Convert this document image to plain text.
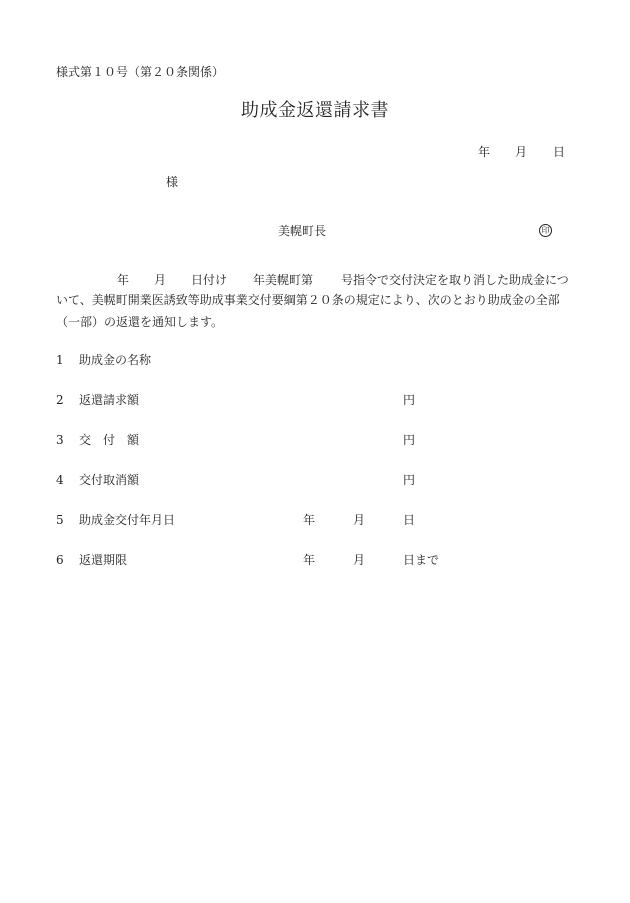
様式第１０号（第２０条関係）
助成金返還請求書
年 月 日
様
美幌町長	印
年 月 日付け 年美幌町第 号指令で交付決定を取り消した助成金につ
いて、美幌町開業医誘致等助成事業交付要綱第２０条の規定により、次のとおり助成金の全部
（一部）の返還を通知します。
1 助成金の名称
2 返還請求額	円
3 交　付　額	円
4 交付取消額	円
5 助成金交付年月日	年	月	日
6 返還期限	年	月	日まで
